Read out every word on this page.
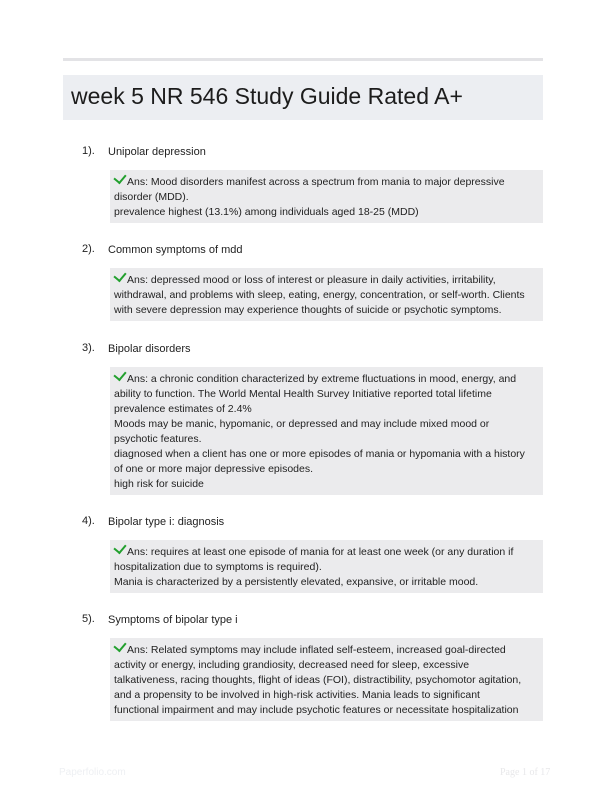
week 5 NR 546 Study Guide Rated A+
1). Unipolar depression

Ans: Mood disorders manifest across a spectrum from mania to major depressive

disorder (MDD).

prevalence highest (13.1%) among individuals aged 18-25 (MDD)

2). Common symptoms of mdd

Ans: depressed mood or loss of interest or pleasure in daily activities, irritability,

withdrawal, and problems with sleep, eating, energy, concentration, or self-worth. Clients

with severe depression may experience thoughts of suicide or psychotic symptoms.

3). Bipolar disorders

Ans: a chronic condition characterized by extreme fluctuations in mood, energy, and

ability to function. The World Mental Health Survey Initiative reported total lifetime

prevalence estimates of 2.4%

Moods may be manic, hypomanic, or depressed and may include mixed mood or

psychotic features.

diagnosed when a client has one or more episodes of mania or hypomania with a history

of one or more major depressive episodes.

high risk for suicide

4). Bipolar type i: diagnosis

Ans: requires at least one episode of mania for at least one week (or any duration if

hospitalization due to symptoms is required).

Mania is characterized by a persistently elevated, expansive, or irritable mood.

5). Symptoms of bipolar type i

Ans: Related symptoms may include inflated self-esteem, increased goal-directed

activity or energy, including grandiosity, decreased need for sleep, excessive

talkativeness, racing thoughts, flight of ideas (FOI), distractibility, psychomotor agitation,

and a propensity to be involved in high-risk activities. Mania leads to significant

functional impairment and may include psychotic features or necessitate hospitalization

Paperfolio.com	Page 1 of 17
